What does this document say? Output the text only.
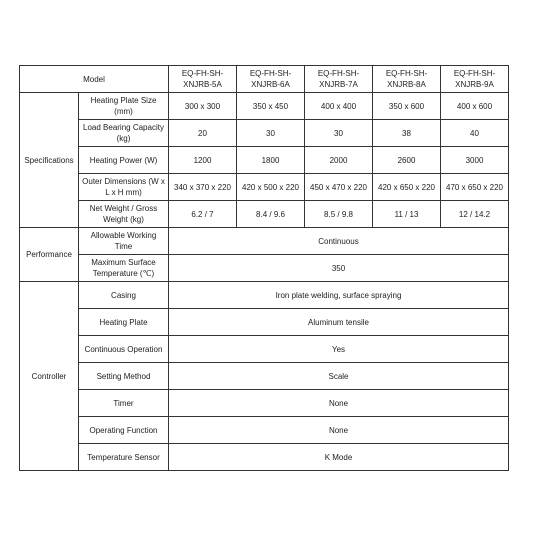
Model		EQ-FH-SH-XNJRB-5A	EQ-FH-SH-XNJRB-6A	EQ-FH-SH-XNJRB-7A	EQ-FH-SH-XNJRB-8A	EQ-FH-SH-XNJRB-9A
Specifications	Heating Plate Size (mm)	300 x 300	350 x 450	400 x 400	350 x 600	400 x 600
	Load Bearing Capacity (kg)	20	30	30	38	40
	Heating Power (W)	1200	1800	2000	2600	3000
	Outer Dimensions (W x L x H mm)	340 x 370 x 220	420 x 500 x 220	450 x 470 x 220	420 x 650 x 220	470 x 650 x 220
	Net Weight / Gross Weight (kg)	6.2 / 7	8.4 / 9.6	8.5 / 9.8	11 / 13	12 / 14.2
Performance	Allowable Working Time	Continuous				
	Maximum Surface Temperature (℃)	350				
Controller	Casing	Iron plate welding, surface spraying				
	Heating Plate	Aluminum tensile				
	Continuous Operation	Yes				
	Setting Method	Scale				
	Timer	None				
	Operating Function	None				
	Temperature Sensor	K Mode				
